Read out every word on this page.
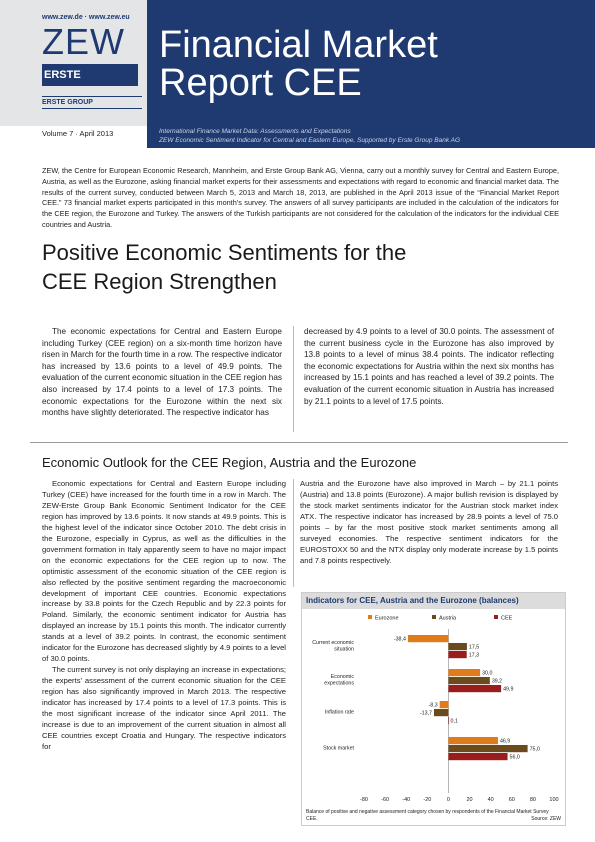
www.zew.de · www.zew.eu
ZEW
ERSTE
ERSTE GROUP
Volume 7 · April 2013
Financial Market
Report CEE
International Finance Market Data: Assessments and Expectations
ZEW Economic Sentiment Indicator for Central and Eastern Europe, Supported by Erste Group Bank AG
ZEW, the Centre for European Economic Research, Mannheim, and Erste Group Bank AG, Vienna, carry out a monthly survey for Central and Eastern Europe, Austria, as well as the Eurozone, asking financial market experts for their assessments and expectations with regard to economic and financial market data. The results of the current survey, conducted between March 5, 2013 and March 18, 2013, are published in the April 2013 issue of the “Financial Market Report CEE.” 73 financial market experts participated in this month’s survey. The answers of all survey participants are included in the calculation of the indicators for the CEE region, the Eurozone and Turkey. The answers of the Turkish participants are not considered for the calculation of the indicators for the individual CEE countries and Austria.
Positive Economic Sentiments for the
CEE Region Strengthen
The economic expectations for Central and Eastern Europe including Turkey (CEE region) on a six-month time horizon have risen in March for the fourth time in a row. The respective indicator has increased by 13.6 points to a level of 49.9 points. The evaluation of the current economic situation in the CEE region has also increased by 17.4 points to a level of 17.3 points. The economic expectations for the Eurozone within the next six months have slightly deteriorated. The respective indicator has
decreased by 4.9 points to a level of 30.0 points. The assessment of the current business cycle in the Eurozone has also improved by 13.8 points to a level of minus 38.4 points. The indicator reflecting the economic expectations for Austria within the next six months has increased by 15.1 points and has reached a level of 39.2 points. The evaluation of the current economic situation in Austria has increased by 21.1 points to a level of 17.5 points.
Economic Outlook for the CEE Region, Austria and the Eurozone
Economic expectations for Central and Eastern Europe including Turkey (CEE) have increased for the fourth time in a row in March. The ZEW-Erste Group Bank Economic Sentiment Indicator for the CEE region has improved by 13.6 points. It now stands at 49.9 points. This is the highest level of the indicator since October 2010. The debt crisis in the Eurozone, especially in Cyprus, as well as the difficulties in the government formation in Italy apparently seem to have no major impact on the economic expectations for the CEE region up to now. The optimistic assessment of the economic situation of the CEE region is also reflected by the positive sentiment regarding the macroeconomic development of important CEE countries. Economic expectations increase by 33.8 points for the Czech Republic and by 22.3 points for Poland. Similarly, the economic sentiment indicator for Austria has displayed an increase by 15.1 points this month. The indicator currently stands at a level of 39.2 points. In contrast, the economic sentiment indicator for the Eurozone has decreased slightly by 4.9 points to a level of 30.0 points.
The current survey is not only displaying an increase in expectations; the experts’ assessment of the current economic situation for the CEE region has also significantly improved in March 2013. The respective indicator has increased by 17.4 points to a level of 17.3 points. This is the most significant increase of the indicator since April 2011. The increase is due to an improvement of the current situation in almost all CEE countries except Croatia and Hungary. The respective indicators for
Austria and the Eurozone have also improved in March – by 21.1 points (Austria) and 13.8 points (Eurozone). A major bullish revision is displayed by the stock market sentiments indicator for the Austrian stock market index ATX. The respective indicator has increased by 28.9 points a level of 75.0 points – by far the most positive stock market sentiments among all surveyed economies. The respective sentiment indicators for the EUROSTOXX 50 and the NTX display only moderate increase by 1.5 points and 7.8 points respectively.
Indicators for CEE, Austria and the Eurozone (balances)
Eurozone	Austria	CEE
-80 -60 -40 -20	0	20	40	60	80 100
Current economic
situation
-38,4
17,5
17,3
Economic
expectations
30,0
39,2
49,9
Inflation rate
-8,3
-13,7
0,1
Stock market
46,9
75,0
56,0
Balance of positive and negative assessment category chosen by respondents of the Financial Market Survey CEE.	Source: ZEW
